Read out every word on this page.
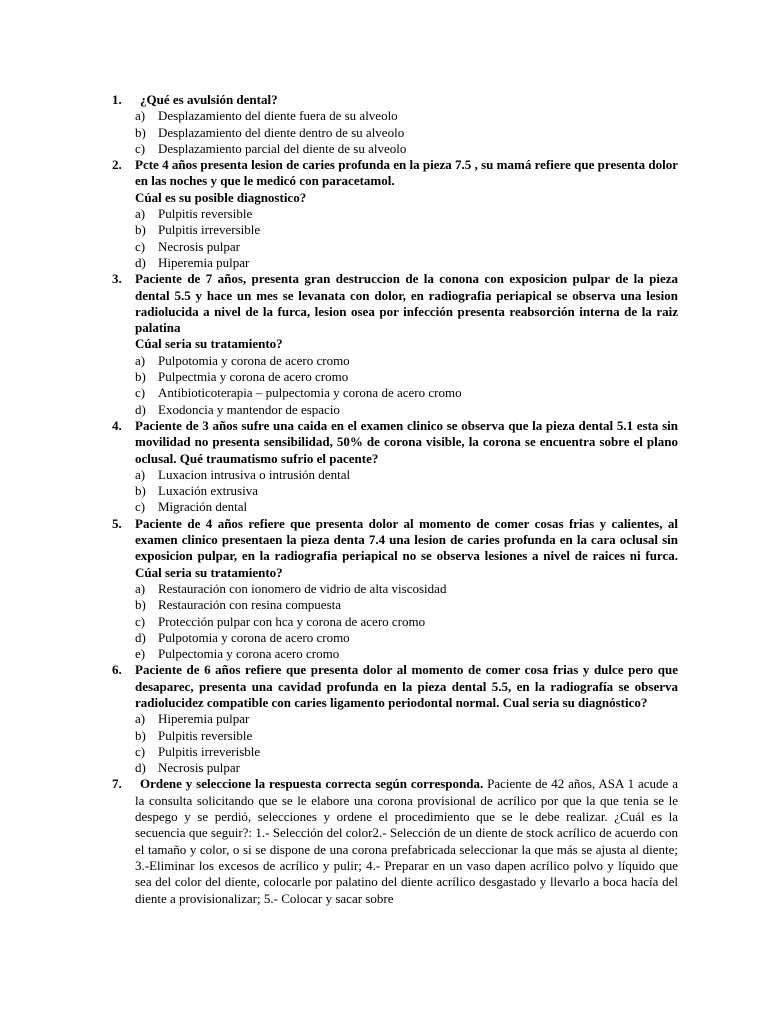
1.	¿Qué es avulsión dental?
a) Desplazamiento del diente fuera de su alveolo
b) Desplazamiento del diente dentro de su alveolo
c) Desplazamiento parcial del diente de su alveolo
2. Pcte 4 años presenta lesion de caries profunda en la pieza 7.5 , su mamá refiere que presenta dolor en las noches y que le medicó con paracetamol.
Cúal es su posible diagnostico?
a) Pulpitis reversible
b) Pulpitis irreversible
c) Necrosis pulpar
d) Hiperemia pulpar
3. Paciente de 7 años, presenta gran destruccion de la conona con exposicion pulpar de la pieza dental 5.5 y hace un mes se levanata con dolor, en radiografia periapical se observa una lesion radiolucida a nivel de la furca, lesion osea por infección presenta reabsorción interna de la raiz palatina
Cúal seria su tratamiento?
a) Pulpotomia y corona de acero cromo
b) Pulpectmia y corona de acero cromo
c) Antibioticoterapia – pulpectomia y corona de acero cromo
d) Exodoncia y mantendor de espacio
4. Paciente de 3 años sufre una caida en el examen clinico se observa que la pieza dental 5.1 esta sin movilidad no presenta sensibilidad, 50% de corona visible, la corona se encuentra sobre el plano oclusal. Qué traumatismo sufrio el pacente?
a) Luxacion intrusiva o intrusión dental
b) Luxación extrusiva
c) Migración dental
5. Paciente de 4 años refiere que presenta dolor al momento de comer cosas frias y calientes, al examen clinico presentaen la pieza denta 7.4 una lesion de caries profunda en la cara oclusal sin exposicion pulpar, en la radiografia periapical no se observa lesiones a nivel de raices ni furca. Cúal seria su tratamiento?
a) Restauración con ionomero de vidrio de alta viscosidad
b) Restauración con resina compuesta
c) Protección pulpar con hca y corona de acero cromo
d) Pulpotomia y corona de acero cromo
e) Pulpectomia y corona acero cromo
6. Paciente de 6 años refiere que presenta dolor al momento de comer cosa frias y dulce pero que desaparec, presenta una cavidad profunda en la pieza dental 5.5, en la radiografía se observa radiolucidez compatible con caries ligamento periodontal normal. Cual seria su diagnóstico?
a) Hiperemia pulpar
b) Pulpitis reversible
c) Pulpitis irreverisble
d) Necrosis pulpar
7.	Ordene y seleccione la respuesta correcta según corresponda. Paciente de 42 años, ASA 1 acude a la consulta solicitando que se le elabore una corona provisional de acrílico por que la que tenia se le despego y se perdió, selecciones y ordene el procedimiento que se le debe realizar. ¿Cuál es la secuencia que seguir?: 1.- Selección del color2.- Selección de un diente de stock acrílico de acuerdo con el tamaño y color, o si se dispone de una corona prefabricada seleccionar la que más se ajusta al diente; 3.-Eliminar los excesos de acrílico y pulir; 4.- Preparar en un vaso dapen acrílico polvo y líquido que sea del color del diente, colocarle por palatino del diente acrílico desgastado y llevarlo a boca hacía del diente a provisionalizar; 5.- Colocar y sacar sobre
